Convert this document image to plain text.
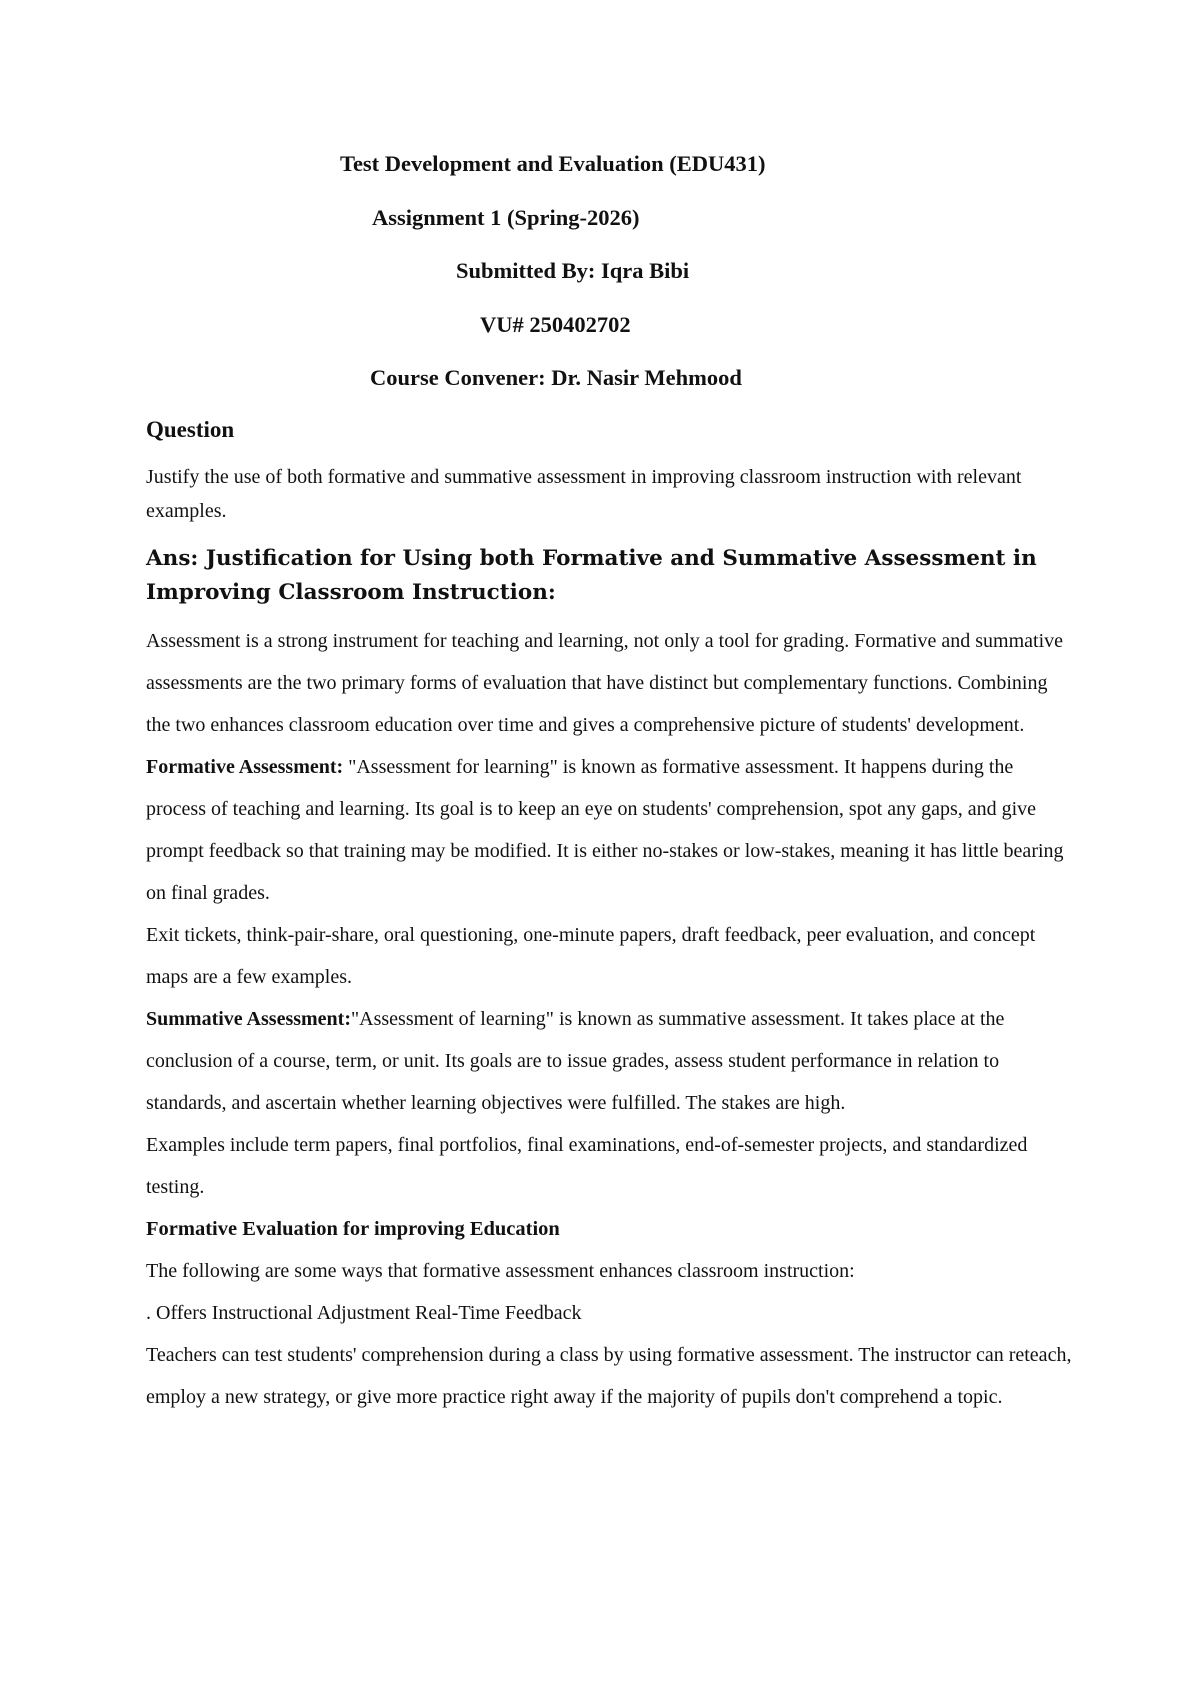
Test Development and Evaluation (EDU431)
Assignment 1 (Spring-2026)
Submitted By: Iqra Bibi
VU# 250402702
Course Convener: Dr. Nasir Mehmood
Question
Justify the use of both formative and summative assessment in improving classroom instruction with relevant examples.
Ans: Justification for Using both Formative and Summative Assessment in Improving Classroom Instruction:

Assessment is a strong instrument for teaching and learning, not only a tool for grading. Formative and summative assessments are the two primary forms of evaluation that have distinct but complementary functions. Combining the two enhances classroom education over time and gives a comprehensive picture of students' development.

Formative Assessment: "Assessment for learning" is known as formative assessment. It happens during the process of teaching and learning. Its goal is to keep an eye on students' comprehension, spot any gaps, and give prompt feedback so that training may be modified. It is either no-stakes or low-stakes, meaning it has little bearing on final grades.

Exit tickets, think-pair-share, oral questioning, one-minute papers, draft feedback, peer evaluation, and concept maps are a few examples.

Summative Assessment:"Assessment of learning" is known as summative assessment. It takes place at the conclusion of a course, term, or unit. Its goals are to issue grades, assess student performance in relation to standards, and ascertain whether learning objectives were fulfilled. The stakes are high.

Examples include term papers, final portfolios, final examinations, end-of-semester projects, and standardized testing.

Formative Evaluation for improving Education

The following are some ways that formative assessment enhances classroom instruction:

. Offers Instructional Adjustment Real-Time Feedback

Teachers can test students' comprehension during a class by using formative assessment. The instructor can reteach, employ a new strategy, or give more practice right away if the majority of pupils don't comprehend a topic.
